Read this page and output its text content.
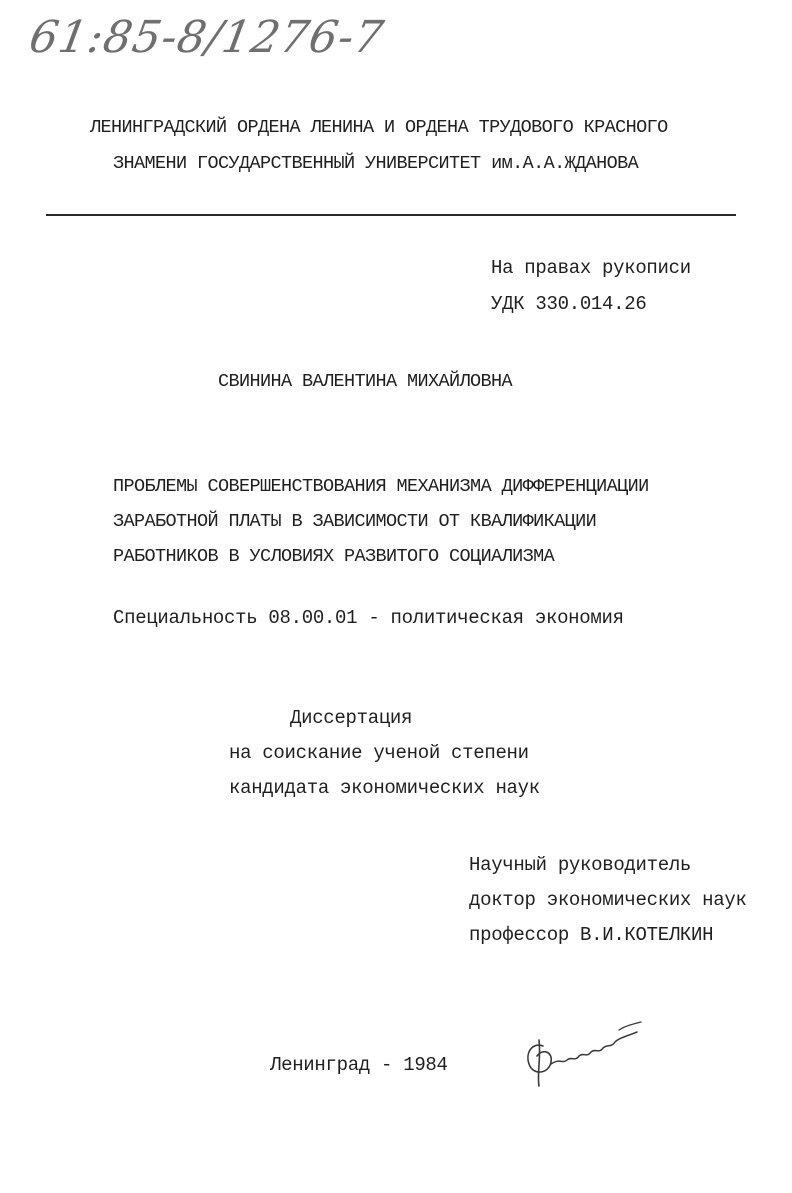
61:85-8/1276-7
ЛЕНИНГРАДСКИЙ ОРДЕНА ЛЕНИНА И ОРДЕНА ТРУДОВОГО КРАСНОГО
ЗНАМЕНИ ГОСУДАРСТВЕННЫЙ УНИВЕРСИТЕТ им.А.А.ЖДАНОВА
На правах рукописи
УДК 330.014.26
СВИНИНА ВАЛЕНТИНА МИХАЙЛОВНА
ПРОБЛЕМЫ СОВЕРШЕНСТВОВАНИЯ МЕХАНИЗМА ДИФФЕРЕНЦИАЦИИ
ЗАРАБОТНОЙ ПЛАТЫ В ЗАВИСИМОСТИ ОТ КВАЛИФИКАЦИИ
РАБОТНИКОВ В УСЛОВИЯХ РАЗВИТОГО СОЦИАЛИЗМА
Специальность 08.00.01 - политическая экономия
Диссертация
на соискание ученой степени
кандидата экономических наук
Научный руководитель
доктор экономических наук
профессор В.И.КОТЕЛКИН
Ленинград - 1984
